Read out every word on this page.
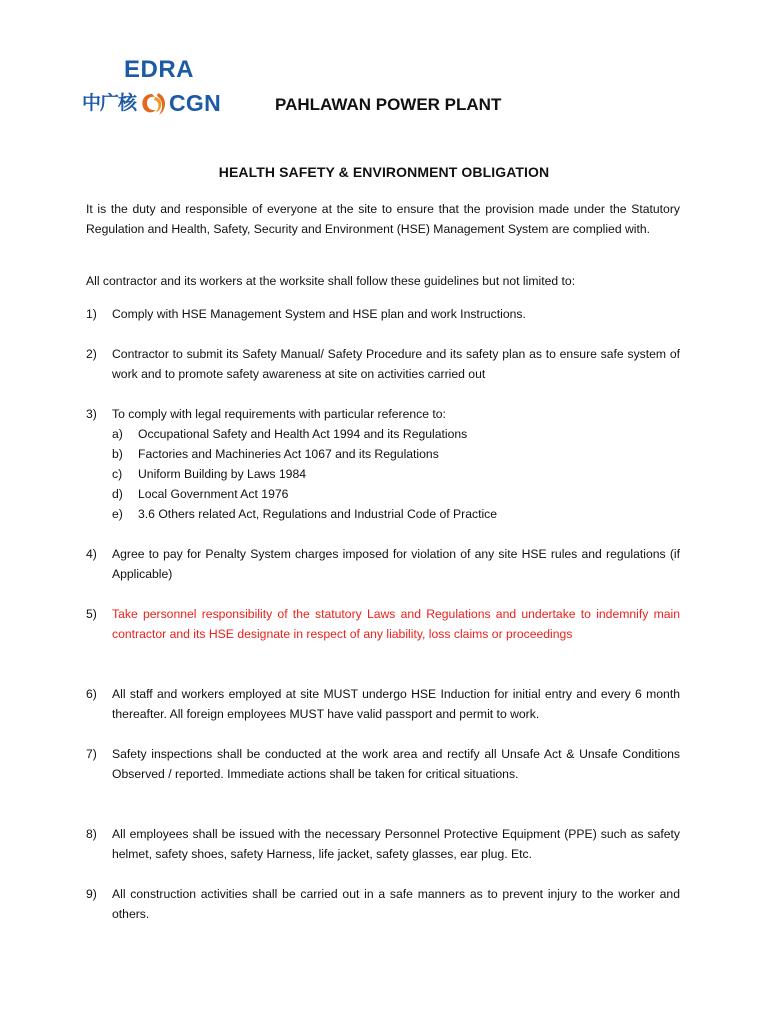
EDRA
中广核 CGN	PAHLAWAN POWER PLANT
HEALTH SAFETY & ENVIRONMENT OBLIGATION
It is the duty and responsible of everyone at the site to ensure that the provision made under the Statutory Regulation and Health, Safety, Security and Environment (HSE) Management System are complied with.
All contractor and its workers at the worksite shall follow these guidelines but not limited to:
1)	Comply with HSE Management System and HSE plan and work Instructions.
2)	Contractor to submit its Safety Manual/ Safety Procedure and its safety plan as to ensure safe system of work and to promote safety awareness at site on activities carried out
3)	To comply with legal requirements with particular reference to:
a) Occupational Safety and Health Act 1994 and its Regulations
b) Factories and Machineries Act 1067 and its Regulations
c) Uniform Building by Laws 1984
d) Local Government Act 1976
e) 3.6 Others related Act, Regulations and Industrial Code of Practice
4)	Agree to pay for Penalty System charges imposed for violation of any site HSE rules and regulations (if Applicable)
5)	Take personnel responsibility of the statutory Laws and Regulations and undertake to indemnify main contractor and its HSE designate in respect of any liability, loss claims or proceedings
6)	All staff and workers employed at site MUST undergo HSE Induction for initial entry and every 6 month thereafter. All foreign employees MUST have valid passport and permit to work.
7)	Safety inspections shall be conducted at the work area and rectify all Unsafe Act & Unsafe Conditions Observed / reported. Immediate actions shall be taken for critical situations.
8)	All employees shall be issued with the necessary Personnel Protective Equipment (PPE) such as safety helmet, safety shoes, safety Harness, life jacket, safety glasses, ear plug. Etc.
9)	All construction activities shall be carried out in a safe manners as to prevent injury to the worker and others.
